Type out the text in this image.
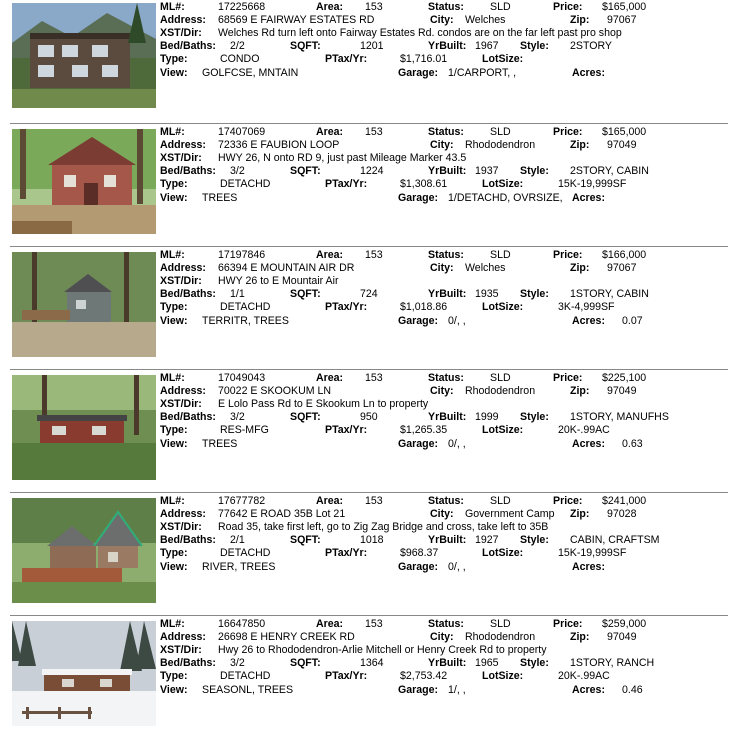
ML#:	17225668	Area: 153	Status: SLD	Price: $165,000
Address: 68569 E FAIRWAY ESTATES RD	City: Welches	Zip: 97067
XST/Dir: Welches Rd turn left onto Fairway Estates Rd. condos are on the far left past pro shop
Bed/Baths: 2/2	SQFT:	1201	YrBuilt: 1967 Style: 2STORY
Type:	CONDO	PTax/Yr:	$1,716.01	LotSize:
View: GOLFCSE, MNTAIN	Garage: 1/CARPORT, ,	Acres:
ML#:	17407069	Area: 153	Status: SLD	Price: $165,000
Address: 72336 E FAUBION LOOP	City: Rhododendron	Zip: 97049
XST/Dir: HWY 26, N onto RD 9, just past Mileage Marker 43.5
Bed/Baths: 3/2	SQFT:	1224	YrBuilt: 1937 Style: 2STORY, CABIN
Type:	DETACHD	PTax/Yr:	$1,308.61	LotSize:	15K-19,999SF
View: TREES	Garage: 1/DETACHD, OVRSIZE, Acres:
ML#:	17197846	Area: 153	Status: SLD	Price: $166,000
Address: 66394 E MOUNTAIN AIR DR	City: Welches	Zip: 97067
XST/Dir: HWY 26 to E Mountair Air
Bed/Baths: 1/1	SQFT:	724	YrBuilt: 1935 Style: 1STORY, CABIN
Type:	DETACHD	PTax/Yr:	$1,018.86	LotSize:	3K-4,999SF
View: TERRITR, TREES	Garage: 0/, ,	Acres: 0.07
ML#:	17049043	Area: 153	Status: SLD	Price: $225,100
Address: 70022 E SKOOKUM LN	City: Rhododendron	Zip: 97049
XST/Dir: E Lolo Pass Rd to E Skookum Ln to property
Bed/Baths: 3/2	SQFT:	950	YrBuilt: 1999 Style: 1STORY, MANUFHS
Type:	RES-MFG	PTax/Yr:	$1,265.35	LotSize:	20K-.99AC
View: TREES	Garage: 0/, ,	Acres: 0.63
ML#:	17677782	Area: 153	Status: SLD	Price: $241,000
Address: 77642 E ROAD 35B Lot 21	City: Government Camp Zip: 97028
XST/Dir: Road 35, take first left, go to Zig Zag Bridge and cross, take left to 35B
Bed/Baths: 2/1	SQFT:	1018	YrBuilt: 1927 Style: CABIN, CRAFTSM
Type:	DETACHD	PTax/Yr:	$968.37	LotSize:	15K-19,999SF
View: RIVER, TREES	Garage: 0/, ,	Acres:
ML#:	16647850	Area: 153	Status: SLD	Price: $259,000
Address: 26698 E HENRY CREEK RD	City: Rhododendron	Zip: 97049
XST/Dir: Hwy 26 to Rhododendron-Arlie Mitchell or Henry Creek Rd to property
Bed/Baths: 3/2	SQFT:	1364	YrBuilt: 1965 Style: 1STORY, RANCH
Type:	DETACHD	PTax/Yr:	$2,753.42	LotSize:	20K-.99AC
View: SEASONL, TREES	Garage: 1/, ,	Acres: 0.46
